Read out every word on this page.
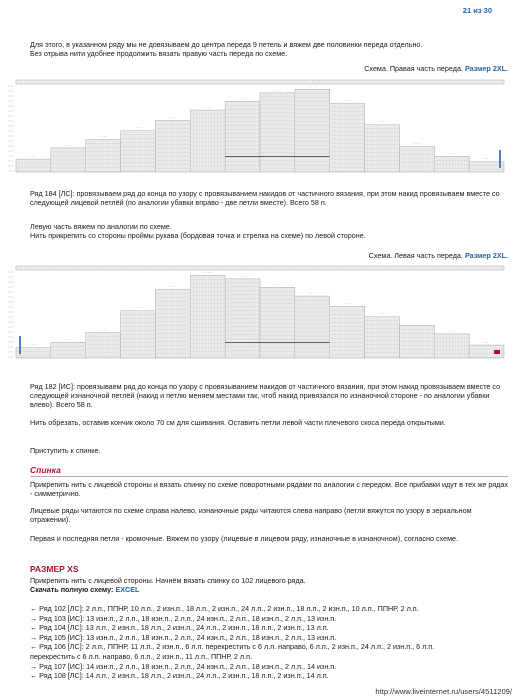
21 из 30
Для этого, в указанном ряду мы не довязываем до центра переда 9 петель и вяжем две половинки переда отдельно.
Без отрыва нити удобнее продолжить вязать правую часть переда по схеме.
Схема. Правая часть переда. Размер 2XL.
· · · ·
· · · ·
· · · ·
· · · ·
· · · ·
· · · ·
· · · ·
· · · ·
· · · ·
· · · ·
· · · ·
· · · ·
· · · ·
· · · ·
Ряд 184 [ЛС]: провязываем ряд до конца по узору с провязыванием накидов от частичного вязания, при этом накид провязываем вместе со следующей лицевой петлёй (по аналогии убавки вправо - две петли вместе). Всего 58 п.
Левую часть вяжем по аналогии по схеме.
Нить прикрепить со стороны проймы рукава (бордовая точка и стрелка на схеме) по левой стороне.
Схема. Левая часть переда. Размер 2XL.
· · · ·
· · · ·
· · · ·
· · · ·
· · · ·
· · · ·
· · · ·
· · · ·
· · · ·
· · · ·
· · · ·
· · · ·
· · · ·
· · · ·
Ряд 182 [ИС]: провязываем ряд до конца по узору с провязыванием накидов от частичного вязания, при этом накид провязываем вместе со следующей изнаночной петлёй (накид и петлю меняем местами так, чтоб накид привязался по изнаночной стороне - по аналогии убавки влево). Всего 58 п.
Нить обрезать, оставив кончик около 70 см для сшивания. Оставить петли левой части плечевого скоса переда открытыми.
Приступить к спинке.
Спинка
Прикрепить нить с лицевой стороны и вязать спинку по схеме поворотными рядами по аналогии с передом. Все прибавки идут в тех же рядах - симметрично.
Лицевые ряды читаются по схеме справа налево, изнаночные ряды читаются слева направо (петли вяжутся по узору в зеркальном отражении).
Первая и последняя петли - кромочные. Вяжем по узору (лицевые в лицевом ряду, изнаночные в изнаночном), согласно схеме.
РАЗМЕР XS
Прикрепить нить с лицевой стороны. Начнём вязать спинку со 102 лицевого ряда.
Скачать полную схему: EXCEL
← Ряд 102 [ЛС]: 2 л.п., ППНР, 10 л.п., 2 изн.п., 18 л.п., 2 изн.п., 24 л.п., 2 изн.п., 18 л.п., 2 изн.п., 10 л.п., ППНР, 2 л.п.
→ Ряд 103 [ИС]: 13 изн.п., 2 л.п., 18 изн.п., 2 л.п., 24 изн.п., 2 л.п., 18 изн.п., 2 л.п., 13 изн.п.
← Ряд 104 [ЛС]: 13 л.п., 2 изн.п., 18 л.п., 2 изн.п., 24 л.п., 2 изн.п., 18 л.п., 2 изн.п., 13 л.п.
→ Ряд 105 [ИС]: 13 изн.п., 2 л.п., 18 изн.п., 2 л.п., 24 изн.п., 2 л.п., 18 изн.п., 2 л.п., 13 изн.п.
← Ряд 106 [ЛС]: 2 л.п., ППНР, 11 л.п., 2 изн.п., 6 л.п. перекрестить с 6 л.п. направо, 6 л.п., 2 изн.п., 24 л.п., 2 изн.п., 6 л.п.
перекрестить с 6 л.п. направо, 6 л.п., 2 изн.п., 11 л.п., ППНР, 2 л.п.
→ Ряд 107 [ИС]: 14 изн.п., 2 л.п., 18 изн.п., 2 л.п., 24 изн.п., 2 л.п., 18 изн.п., 2 л.п., 14 изн.п.
← Ряд 108 [ЛС]: 14 л.п., 2 изн.п., 18 л.п., 2 изн.п., 24 л.п., 2 изн.п., 18 л.п., 2 изн.п., 14 л.п.
http://www.liveinternet.ru/users/4511209/
